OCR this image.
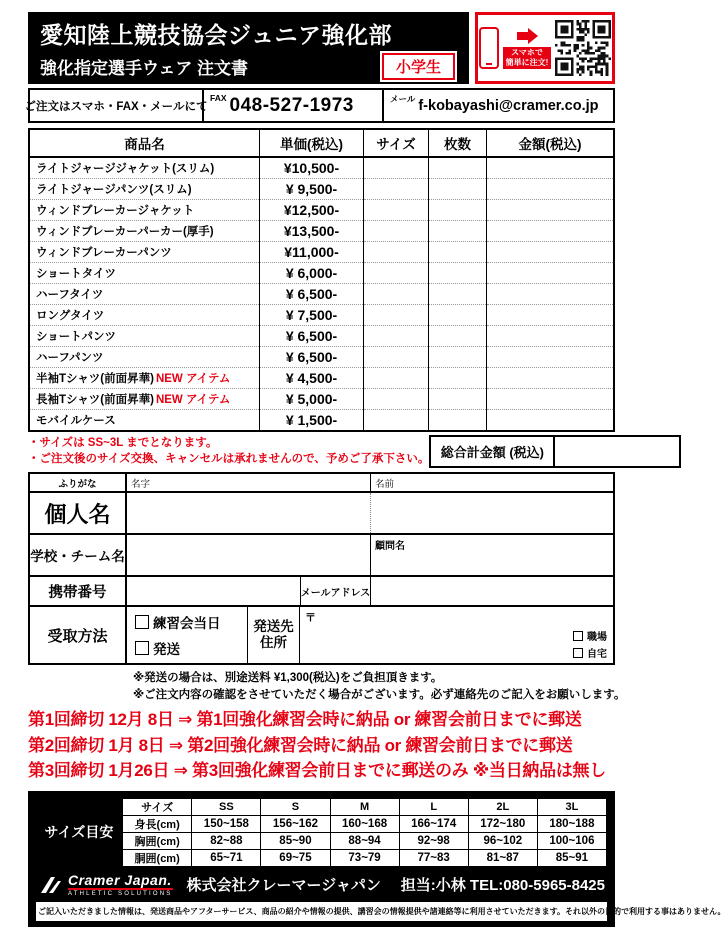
愛知陸上競技協会ジュニア強化部
強化指定選手ウェア 注文書	小学生
スマホで
簡単に注文!
ご注文はスマホ・FAX・メールにて
FAX 048-527-1973	メール f-kobayashi@cramer.co.jp
商品名	単価(税込)	サイズ	枚数	金額(税込)
ライトジャージジャケット(スリム)	¥10,500-			
ライトジャージパンツ(スリム)	¥ 9,500-			
ウィンドブレーカージャケット	¥12,500-			
ウィンドブレーカーパーカー(厚手)	¥13,500-			
ウィンドブレーカーパンツ	¥11,000-			
ショートタイツ	¥ 6,000-			
ハーフタイツ	¥ 6,500-			
ロングタイツ	¥ 7,500-			
ショートパンツ	¥ 6,500-			
ハーフパンツ	¥ 6,500-			
半袖Tシャツ(前面昇華) NEW アイテム	¥ 4,500-			
長袖Tシャツ(前面昇華) NEW アイテム	¥ 5,000-			
モバイルケース	¥ 1,500-			
・サイズは SS~3L までとなります。
・ご注文後のサイズ交換、キャンセルは承れませんので、予めご了承下さい。 総合計金額 (税込)
ふりがな	名字	名前
個人名
学校・チーム名
顧問名
携帯番号	メールアドレス
受取方法
練習会当日
発送
発送先
住所
〒
職場
自宅
※発送の場合は、別途送料 ¥1,300(税込)をご負担頂きます。
※ご注文内容の確認をさせていただく場合がございます。必ず連絡先のご記入をお願いします。
第1回締切 12月 8日 ⇒ 第1回強化練習会時に納品 or 練習会前日までに郵送
第2回締切 1月 8日 ⇒ 第2回強化練習会時に納品 or 練習会前日までに郵送
第3回締切 1月26日 ⇒ 第3回強化練習会前日までに郵送のみ ※当日納品は無し
サイズ目安
サイズ	SS	S	M	L	2L	3L
身長(cm)	150~158	156~162	160~168	166~174	172~180	180~188
胸囲(cm)	82~88	85~90	88~94	92~98	96~102	100~106
胴囲(cm)	65~71	69~75	73~79	77~83	81~87	85~91
Cramer Japan.
ATHLETIC SOLUTIONS 株式会社クレーマージャパン 担当:小林 TEL:080-5965-8425
ご記入いただきました情報は、発送商品やアフターサービス、商品の紹介や情報の提供、講習会の情報提供や諸連絡等に利用させていただきます。それ以外の目的で利用する事はありません。
